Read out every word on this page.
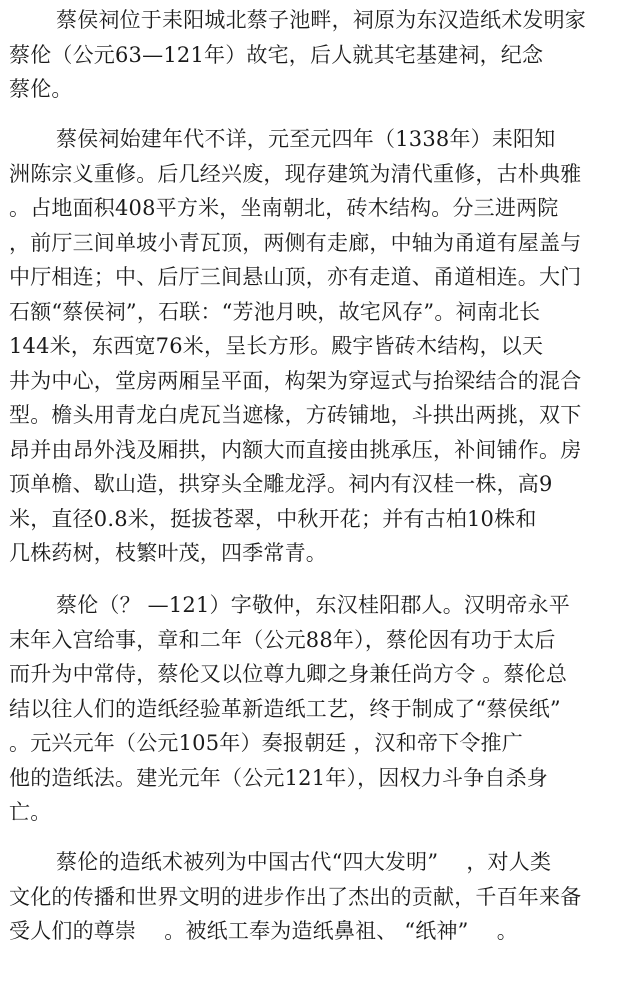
蔡侯祠位于耒阳城北蔡子池畔，祠原为东汉造纸术发明家
蔡伦（公元63—121年）故宅，后人就其宅基建祠，纪念
蔡伦。
蔡侯祠始建年代不详，元至元四年（1338年）耒阳知
洲陈宗义重修。后几经兴废，现存建筑为清代重修，古朴典雅
。占地面积408平方米，坐南朝北，砖木结构。分三进两院
，前厅三间单坡小青瓦顶，两侧有走廊，中轴为甬道有屋盖与
中厅相连；中、后厅三间悬山顶，亦有走道、甬道相连。大门
石额“蔡侯祠”，石联：“芳池月映，故宅风存”。祠南北长
144米，东西宽76米，呈长方形。殿宇皆砖木结构，以天
井为中心，堂房两厢呈平面，构架为穿逗式与抬梁结合的混合
型。檐头用青龙白虎瓦当遮椽，方砖铺地，斗拱出两挑，双下
昂并由昂外浅及厢拱，内额大而直接由挑承压，补间铺作。房
顶单檐、歇山造，拱穿头全雕龙浮。祠内有汉桂一株，高9
米，直径0.8米，挺拔苍翠，中秋开花；并有古柏10株和
几株药树，枝繁叶茂，四季常青。
蔡伦（？ —121）字敬仲，东汉桂阳郡人。汉明帝永平
末年入宫给事，章和二年（公元88年），蔡伦因有功于太后
而升为中常侍，蔡伦又以位尊九卿之身兼任尚方令 。蔡伦总
结以往人们的造纸经验革新造纸工艺，终于制成了“蔡侯纸”
。元兴元年（公元105年）奏报朝廷 ，汉和帝下令推广
他的造纸法。建光元年（公元121年），因权力斗争自杀身
亡。
蔡伦的造纸术被列为中国古代“四大发明”　 ，对人类
文化的传播和世界文明的进步作出了杰出的贡献，千百年来备
受人们的尊崇　 。被纸工奉为造纸鼻祖、 “纸神”　 。
